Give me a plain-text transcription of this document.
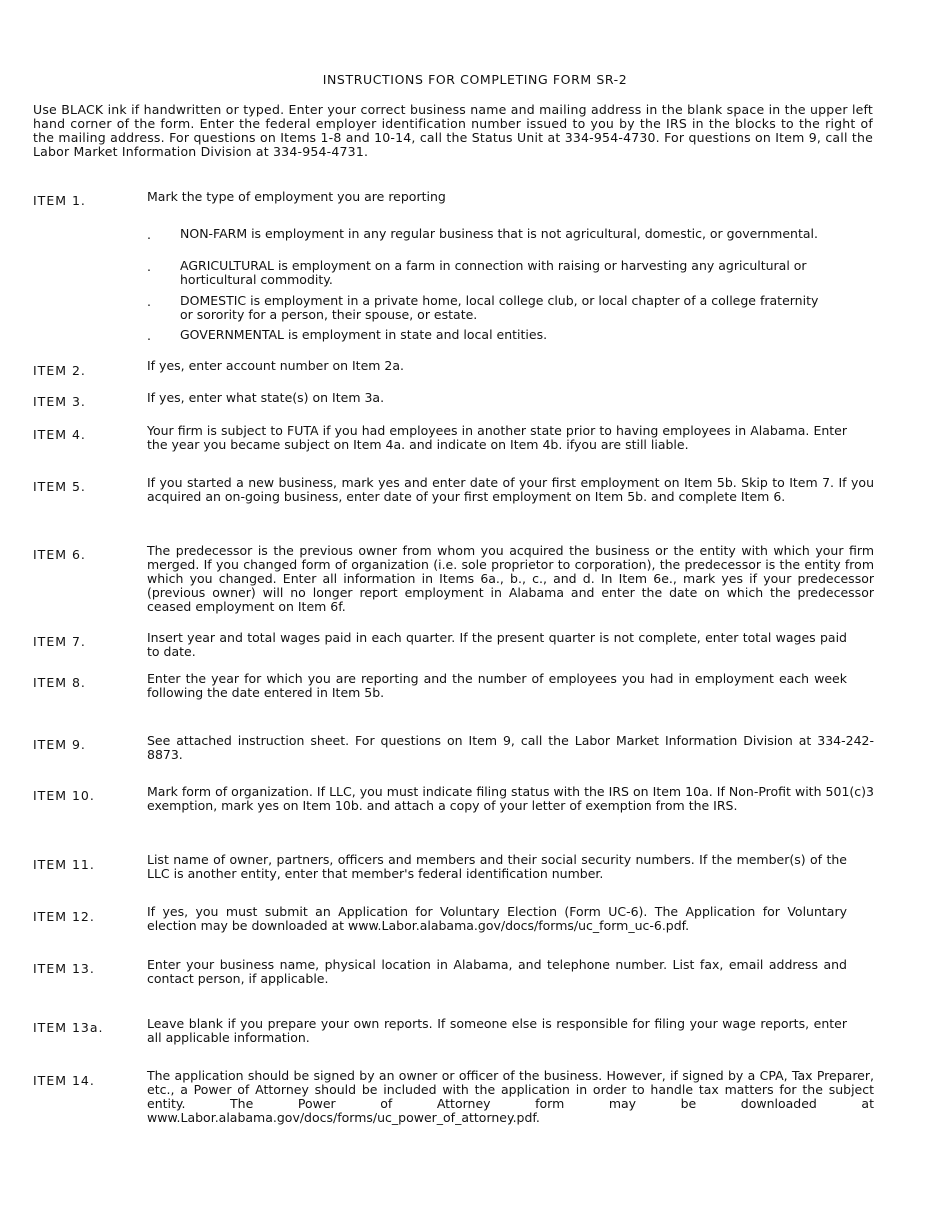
INSTRUCTIONS FOR COMPLETING FORM SR-2
Use BLACK ink if handwritten or typed. Enter your correct business name and mailing address in the blank space in the upper left hand corner of the form. Enter the federal employer identification number issued to you by the IRS in the blocks to the right of the mailing address. For questions on Items 1-8 and 10-14, call the Status Unit at 334-954-4730. For questions on Item 9, call the Labor Market Information Division at 334-954-4731.
ITEM 1.	Mark the type of employment you are reporting
. NON-FARM is employment in any regular business that is not agricultural, domestic, or governmental.
. AGRICULTURAL is employment on a farm in connection with raising or harvesting any agricultural or horticultural commodity.
. DOMESTIC is employment in a private home, local college club, or local chapter of a college fraternity or sorority for a person, their spouse, or estate.
. GOVERNMENTAL is employment in state and local entities.
ITEM 2.	If yes, enter account number on Item 2a.
ITEM 3.	If yes, enter what state(s) on Item 3a.
ITEM 4.	Your firm is subject to FUTA if you had employees in another state prior to having employees in Alabama. Enter the year you became subject on Item 4a. and indicate on Item 4b. ifyou are still liable.
ITEM 5.	If you started a new business, mark yes and enter date of your first employment on Item 5b. Skip to Item 7. If you acquired an on-going business, enter date of your first employment on Item 5b. and complete Item 6.
ITEM 6.	The predecessor is the previous owner from whom you acquired the business or the entity with which your firm merged. If you changed form of organization (i.e. sole proprietor to corporation), the predecessor is the entity from which you changed. Enter all information in Items 6a., b., c., and d. In Item 6e., mark yes if your predecessor (previous owner) will no longer report employment in Alabama and enter the date on which the predecessor ceased employment on Item 6f.
ITEM 7.	Insert year and total wages paid in each quarter. If the present quarter is not complete, enter total wages paid to date.
ITEM 8.	Enter the year for which you are reporting and the number of employees you had in employment each week following the date entered in Item 5b.
ITEM 9.	See attached instruction sheet. For questions on Item 9, call the Labor Market Information Division at 334-242-8873.
ITEM 10.	Mark form of organization. If LLC, you must indicate filing status with the IRS on Item 10a. If Non-Profit with 501(c)3 exemption, mark yes on Item 10b. and attach a copy of your letter of exemption from the IRS.
ITEM 11.	List name of owner, partners, officers and members and their social security numbers. If the member(s) of the LLC is another entity, enter that member's federal identification number.
ITEM 12.	If yes, you must submit an Application for Voluntary Election (Form UC-6). The Application for Voluntary election may be downloaded at www.Labor.alabama.gov/docs/forms/uc_form_uc-6.pdf.
ITEM 13.	Enter your business name, physical location in Alabama, and telephone number. List fax, email address and contact person, if applicable.
ITEM 13a.	Leave blank if you prepare your own reports. If someone else is responsible for filing your wage reports, enter all applicable information.
ITEM 14.	The application should be signed by an owner or officer of the business. However, if signed by a CPA, Tax Preparer, etc., a Power of Attorney should be included with the application in order to handle tax matters for the subject entity. The Power of Attorney form may be downloaded at www.Labor.alabama.gov/docs/forms/uc_power_of_attorney.pdf.
